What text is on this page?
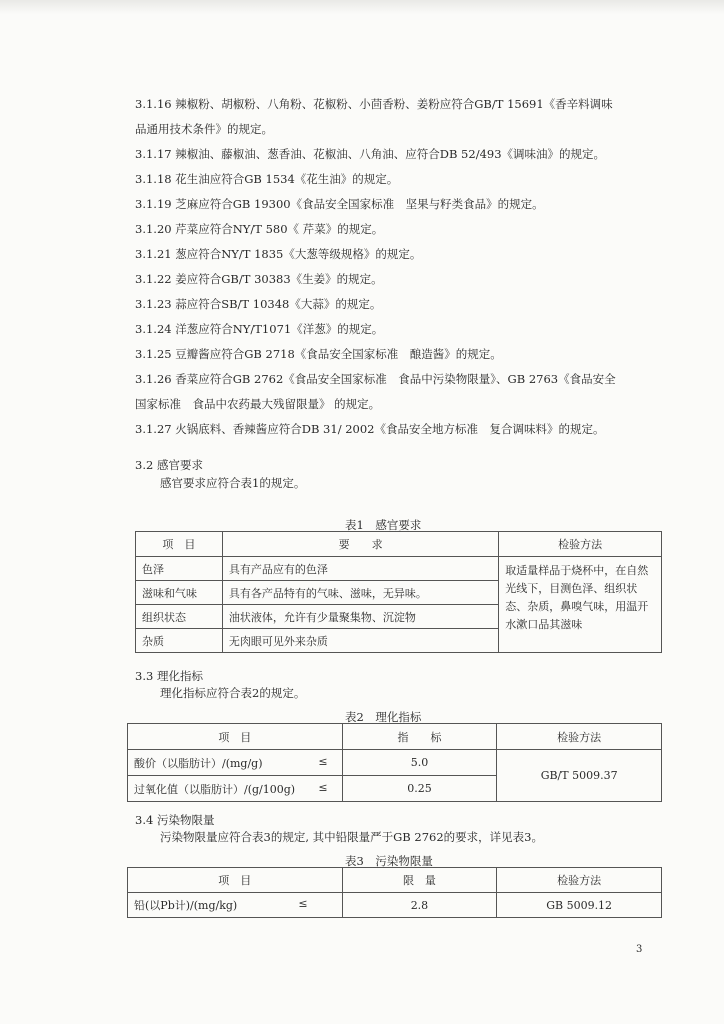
3.1.16 辣椒粉、胡椒粉、八角粉、花椒粉、小茴香粉、姜粉应符合GB/T 15691《香辛料调味
品通用技术条件》的规定。
3.1.17 辣椒油、藤椒油、葱香油、花椒油、八角油、应符合DB 52/493《调味油》的规定。
3.1.18 花生油应符合GB 1534《花生油》的规定。
3.1.19 芝麻应符合GB 19300《食品安全国家标准　坚果与籽类食品》的规定。
3.1.20 芹菜应符合NY/T 580《 芹菜》的规定。
3.1.21 葱应符合NY/T 1835《大葱等级规格》的规定。
3.1.22 姜应符合GB/T 30383《生姜》的规定。
3.1.23 蒜应符合SB/T 10348《大蒜》的规定。
3.1.24 洋葱应符合NY/T1071《洋葱》的规定。
3.1.25 豆瓣酱应符合GB 2718《食品安全国家标准　酿造酱》的规定。
3.1.26 香菜应符合GB 2762《食品安全国家标准　食品中污染物限量》、GB 2763《食品安全
国家标准　食品中农药最大残留限量》 的规定。
3.1.27 火锅底料、香辣酱应符合DB 31/ 2002《食品安全地方标准　复合调味料》的规定。
3.2 感官要求
感官要求应符合表1的规定。
表1　感官要求
项　目	要　　求	检验方法
色泽	具有产品应有的色泽	取适量样品于烧杯中，在自然光线下，目测色泽、组织状态、杂质，鼻嗅气味，用温开水漱口品其滋味
滋味和气味	具有各产品特有的气味、滋味，无异味。	
组织状态	油状液体，允许有少量聚集物、沉淀物	
杂质	无肉眼可见外来杂质	
3.3 理化指标
理化指标应符合表2的规定。
表2　理化指标
项　目	指　　标	检验方法
酸价（以脂肪计）/(mg/g) ≤	5.0	GB/T 5009.37
过氧化值（以脂肪计）/(g/100g) ≤	0.25	
3.4 污染物限量
污染物限量应符合表3的规定, 其中铅限量严于GB 2762的要求，详见表3。
表3　污染物限量
项　目	限　量	检验方法
铅(以Pb计)/(mg/kg) ≤	2.8	GB 5009.12
3
